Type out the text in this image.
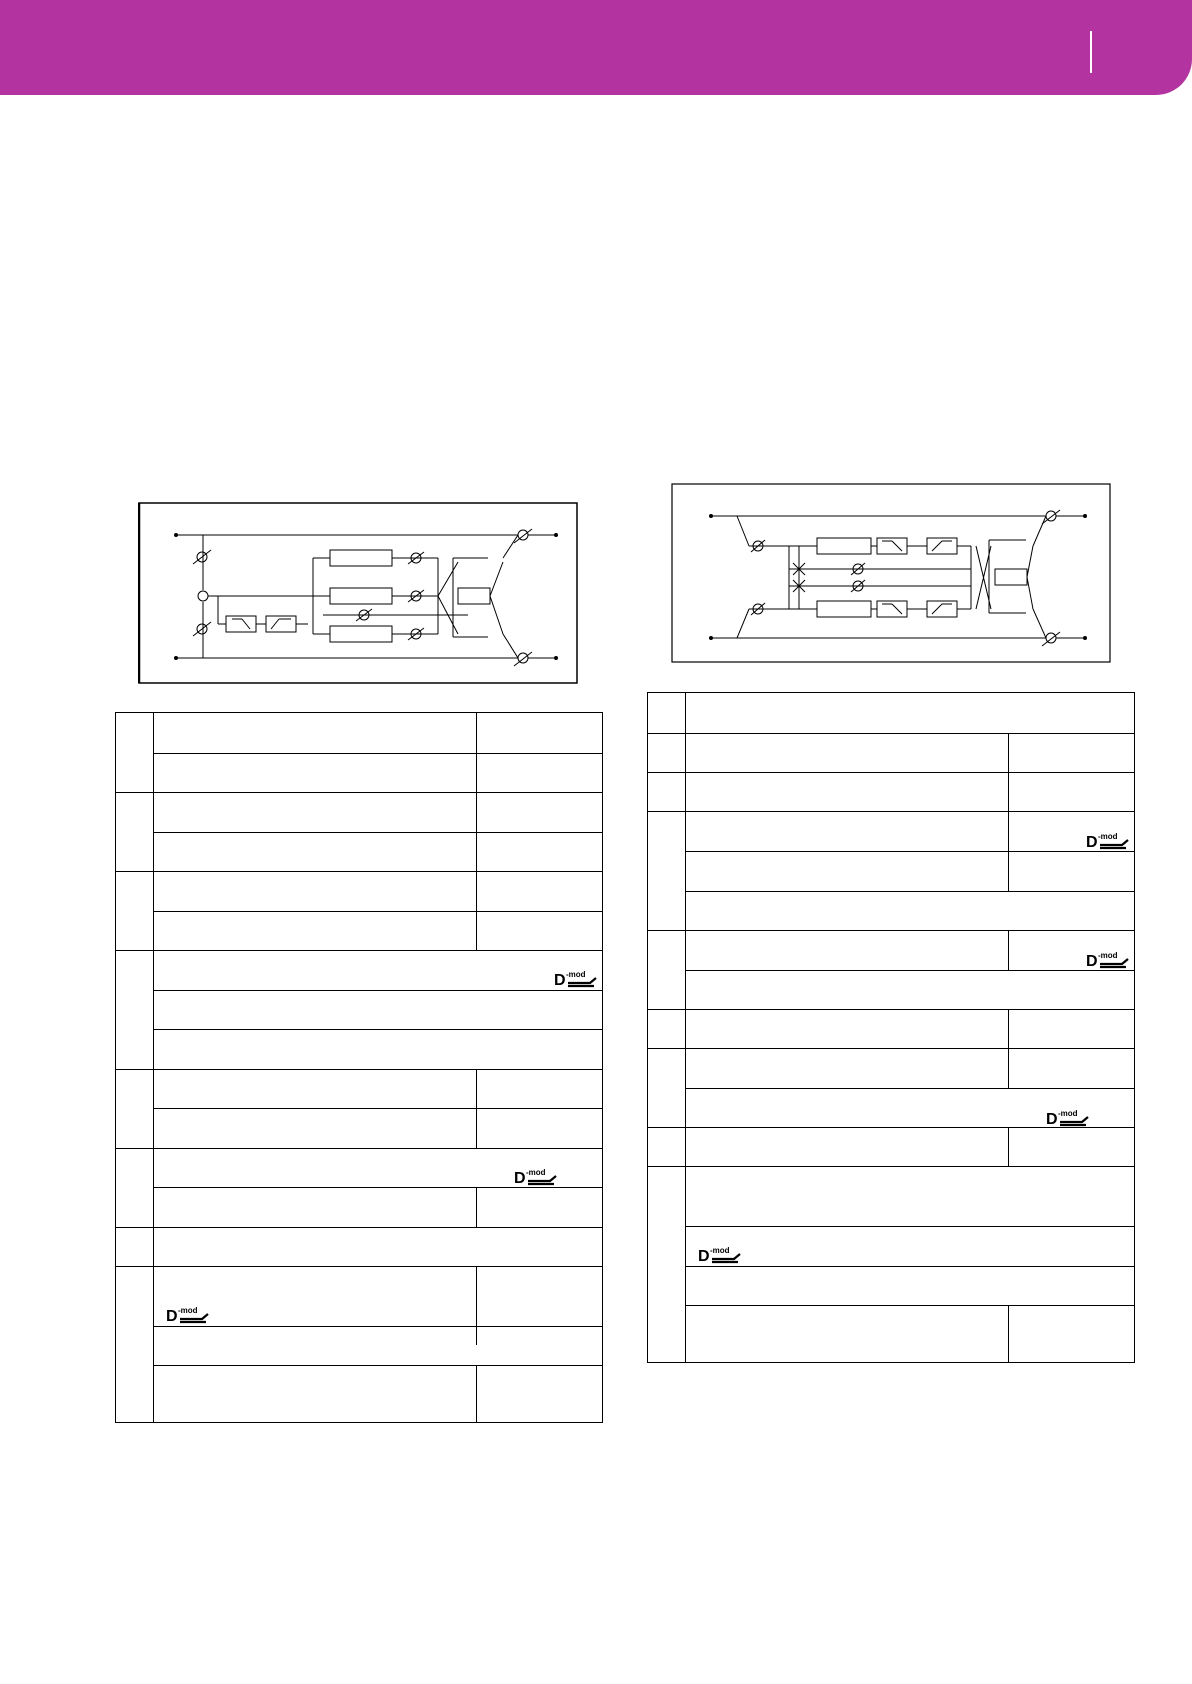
D -mod
D -mod
D -mod
D -mod
D -mod
D -mod
D -mod
